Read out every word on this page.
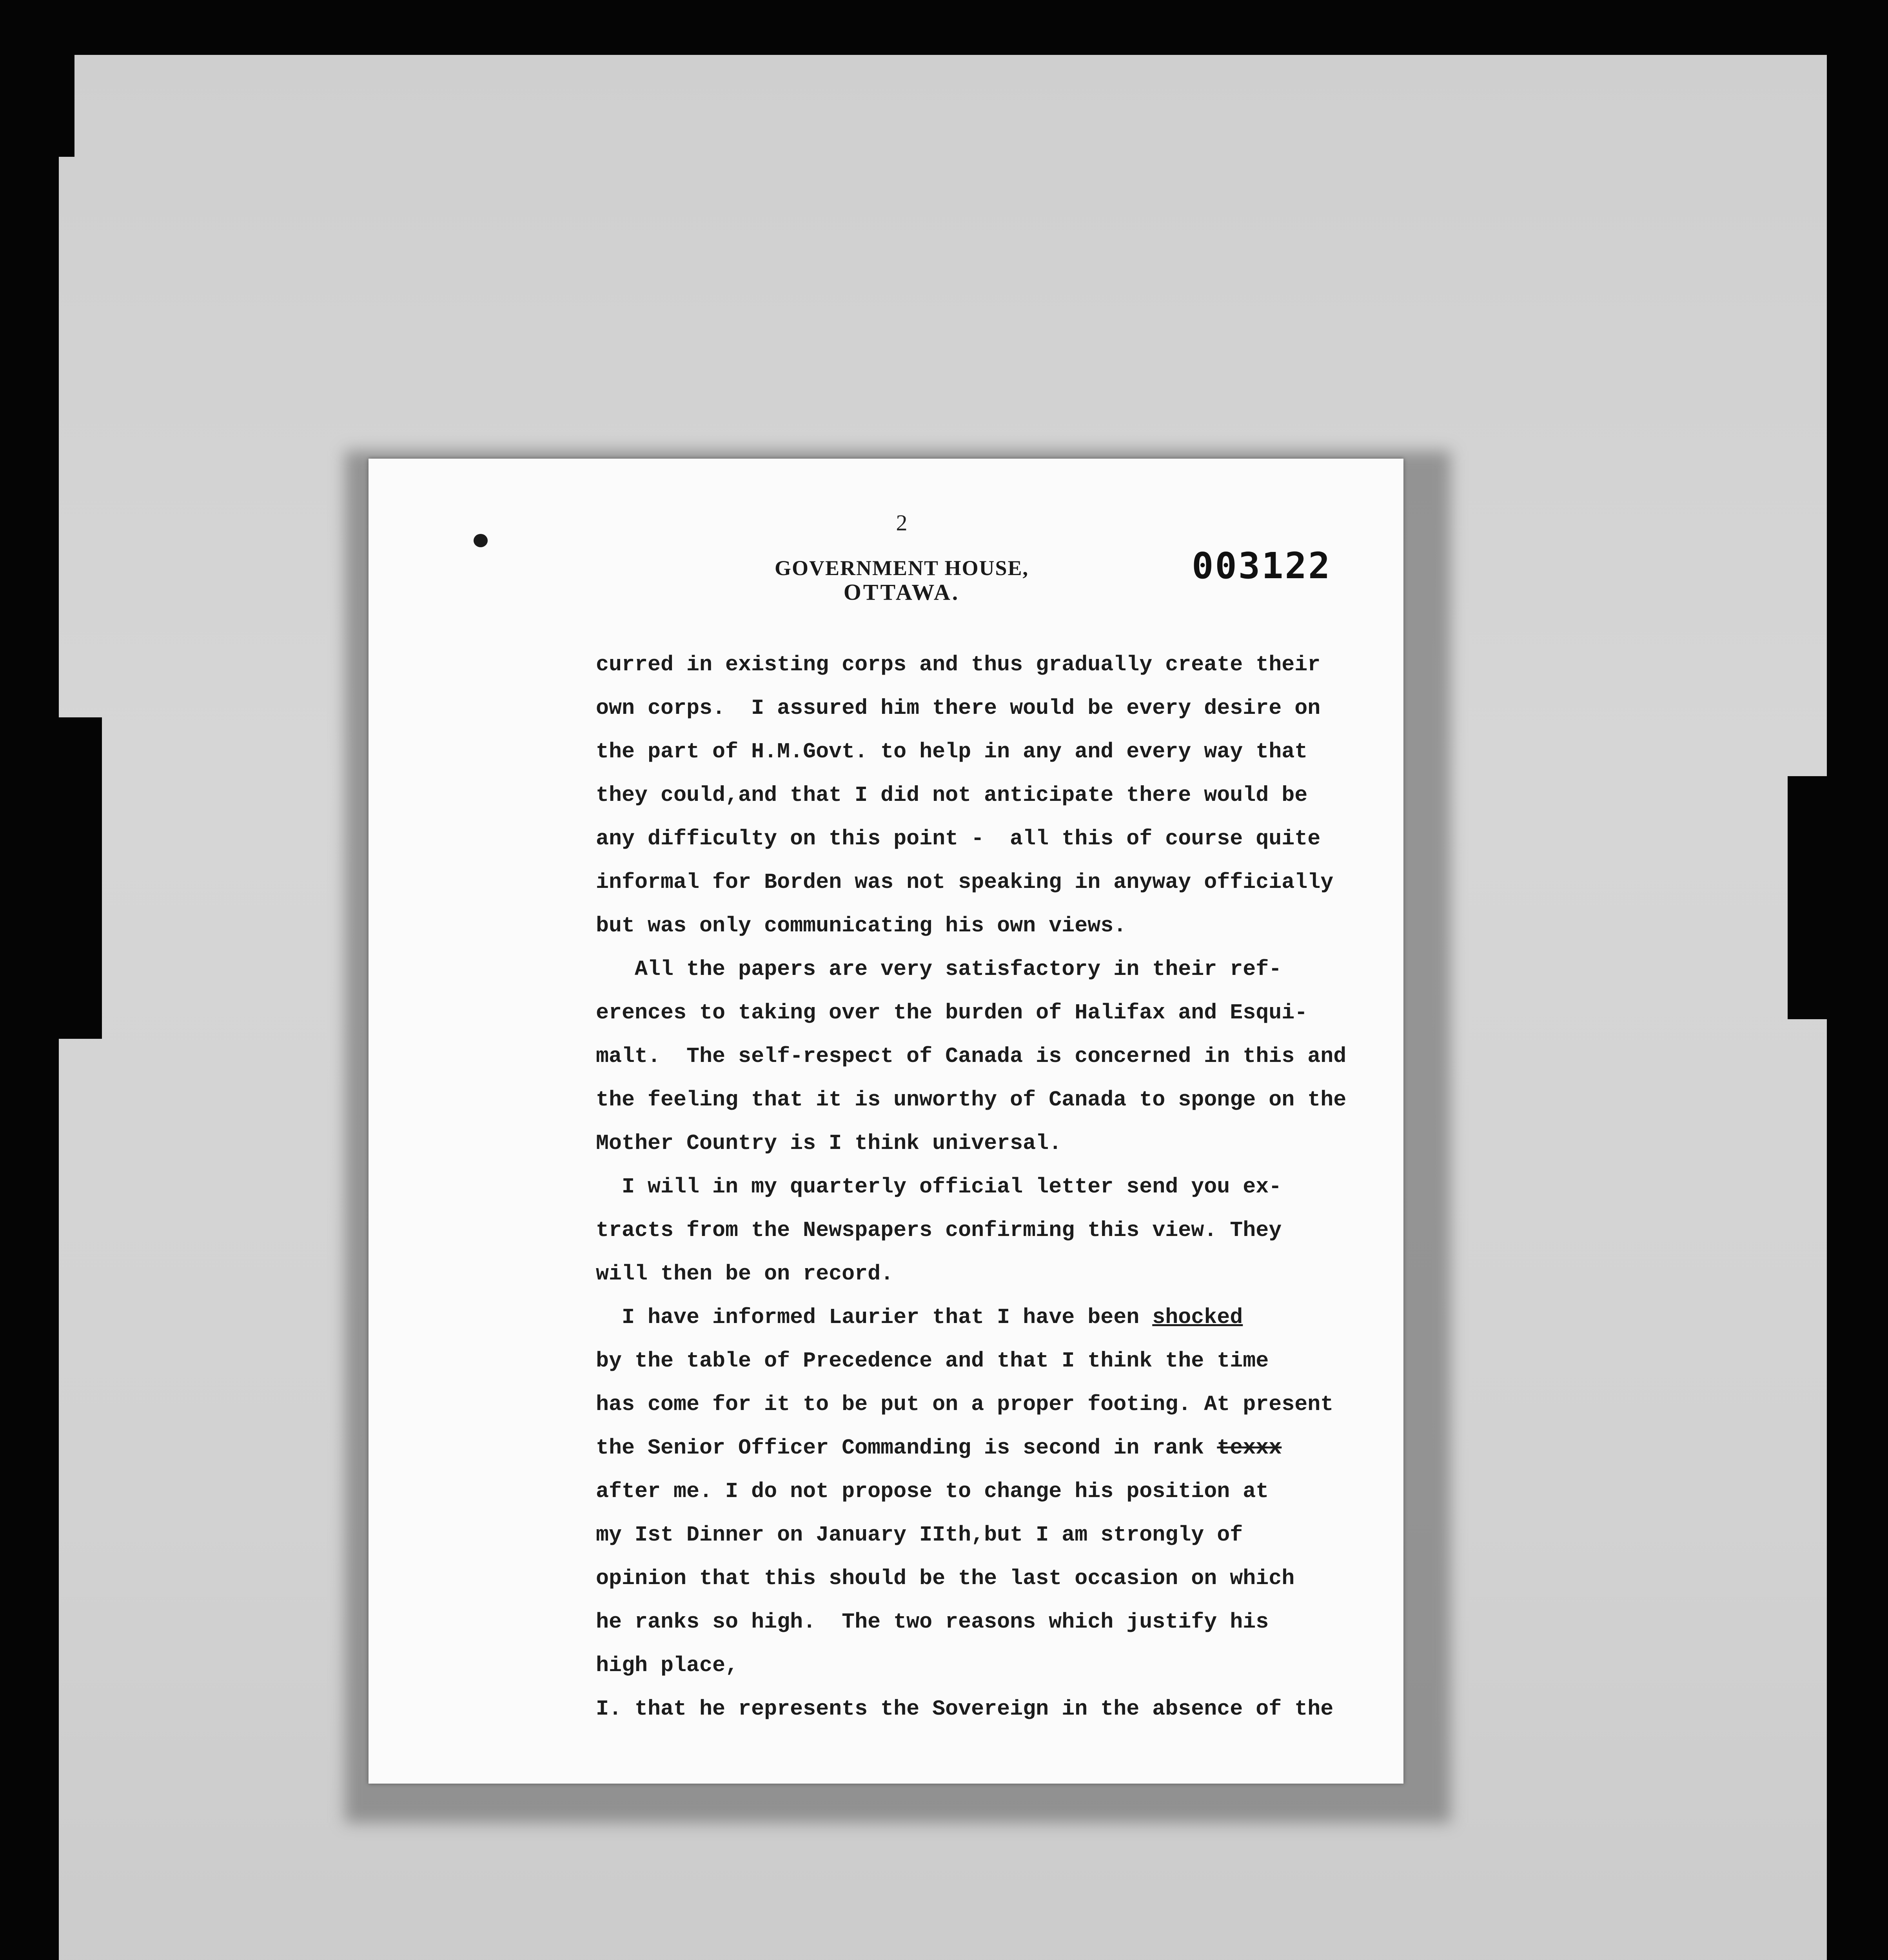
2
GOVERNMENT HOUSE,
OTTAWA.
003122
curred in existing corps and thus gradually create their
own corps.  I assured him there would be every desire on
the part of H.M.Govt. to help in any and every way that
they could,and that I did not anticipate there would be
any difficulty on this point -  all this of course quite
informal for Borden was not speaking in anyway officially
but was only communicating his own views.
All the papers are very satisfactory in their ref-
erences to taking over the burden of Halifax and Esqui-
malt.  The self-respect of Canada is concerned in this and
the feeling that it is unworthy of Canada to sponge on the
Mother Country is I think universal.
I will in my quarterly official letter send you ex-
tracts from the Newspapers confirming this view. They
will then be on record.
I have informed Laurier that I have been shocked
by the table of Precedence and that I think the time
has come for it to be put on a proper footing. At present
the Senior Officer Commanding is second in rank texxx
after me. I do not propose to change his position at
my Ist Dinner on January IIth,but I am strongly of
opinion that this should be the last occasion on which
he ranks so high.  The two reasons which justify his
high place,
I. that he represents the Sovereign in the absence of the
